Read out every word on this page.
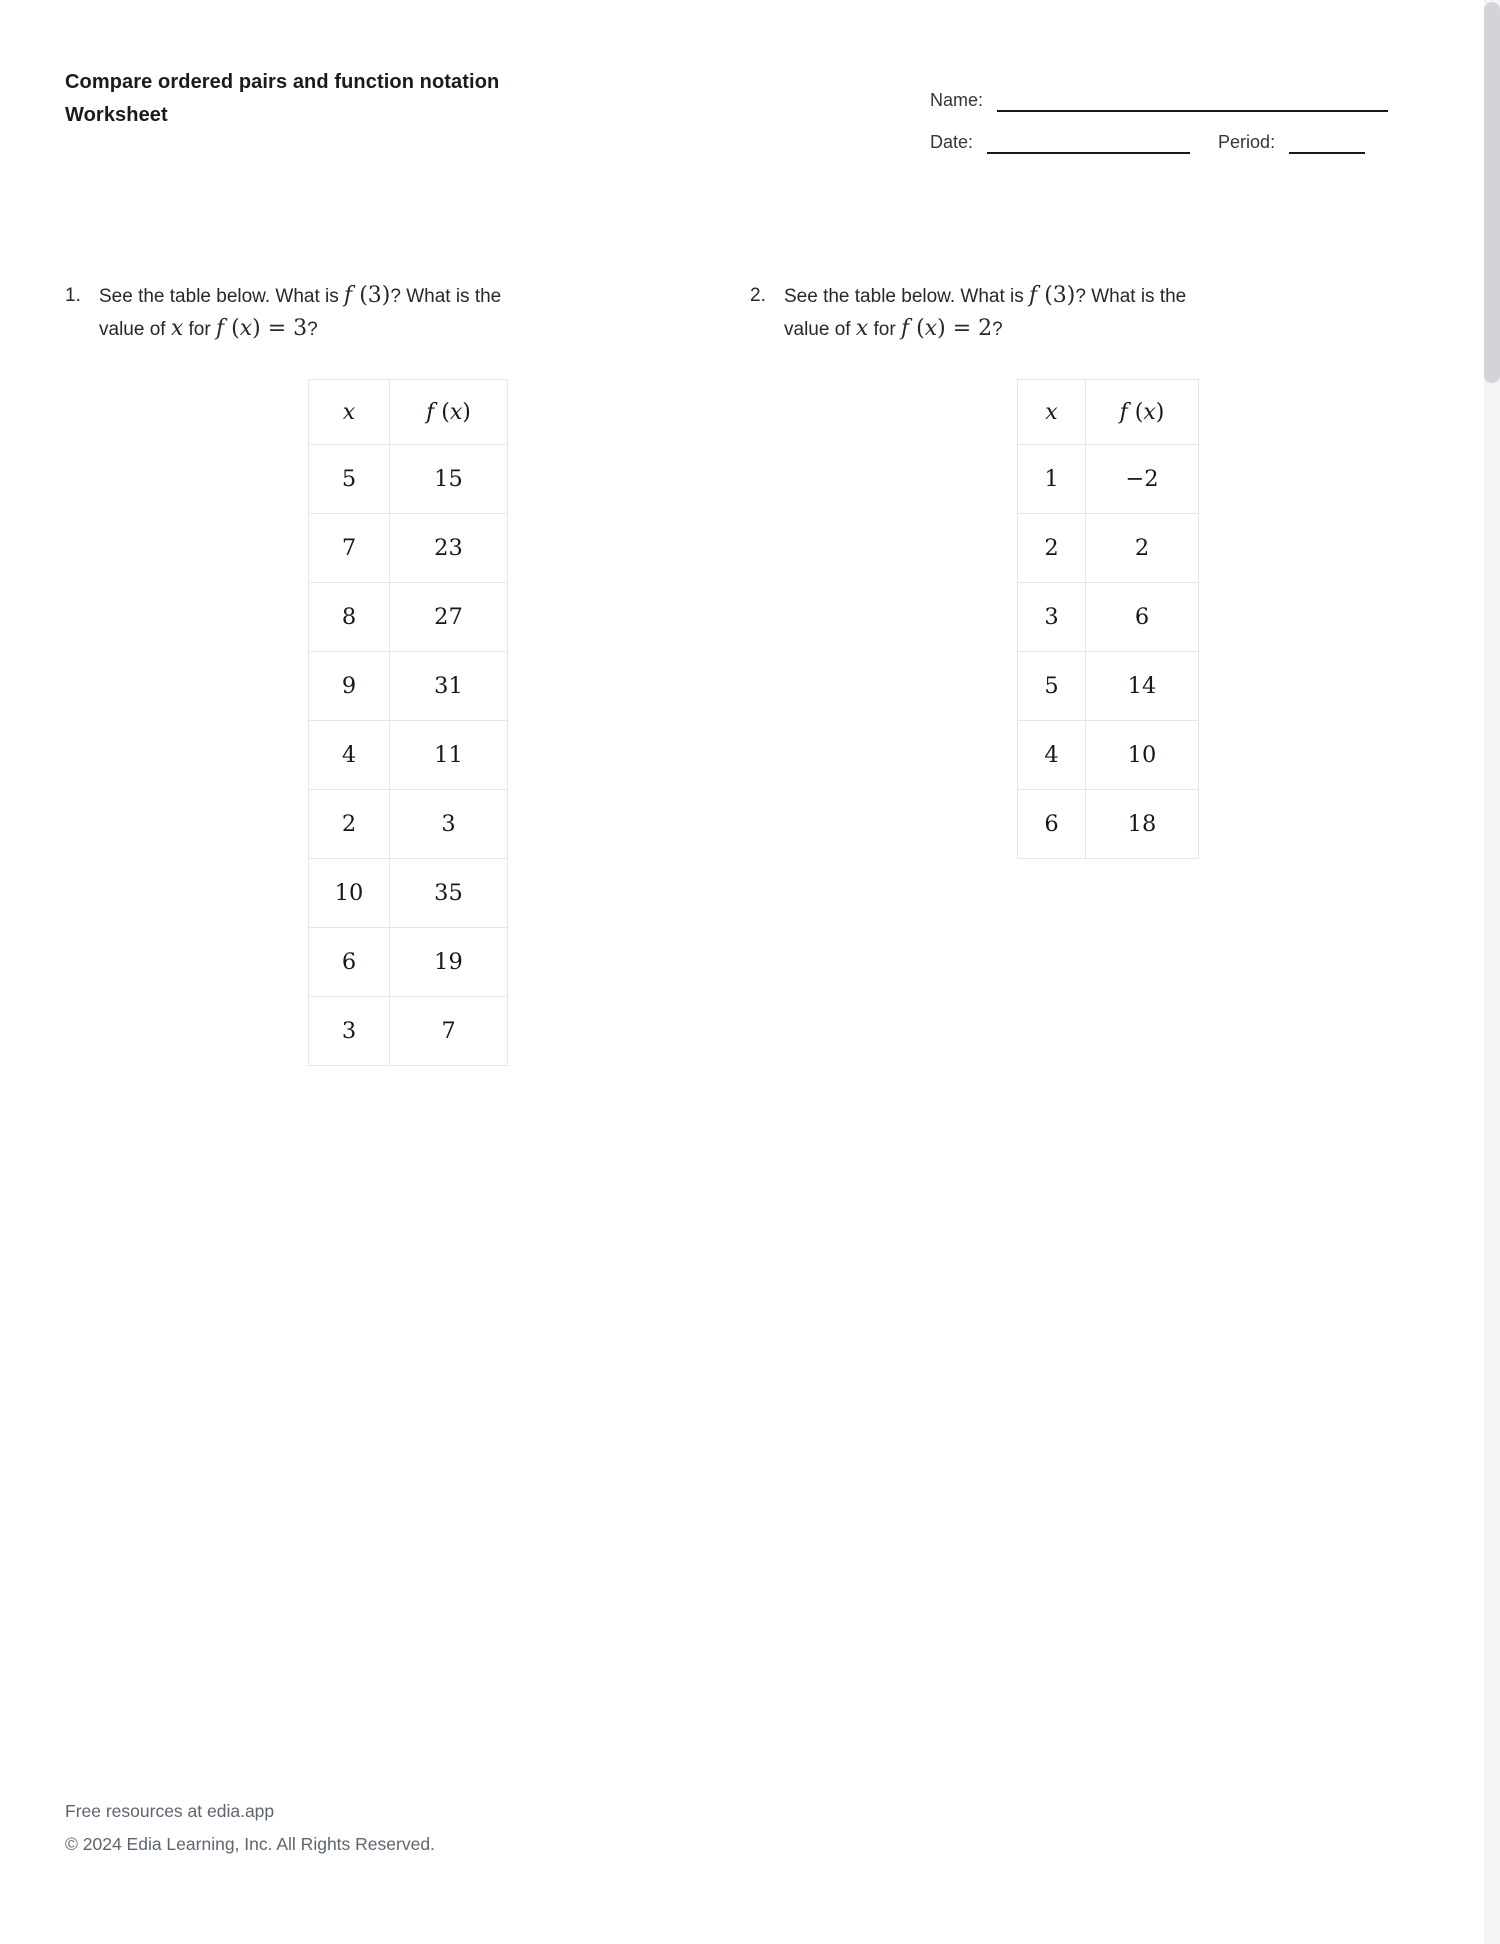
Compare ordered pairs and function notation
Worksheet
Name:
Date:	Period:
1. See the table below. What is f (3)? What is the
value of x for f (x) = 3?
x	f (x)
5	15
7	23
8	27
9	31
4	11
2	3
10	35
6	19
3	7
2. See the table below. What is f (3)? What is the
value of x for f (x) = 2?
x	f (x)
1	−2
2	2
3	6
5	14
4	10
6	18
Free resources at edia.app
© 2024 Edia Learning, Inc. All Rights Reserved.
